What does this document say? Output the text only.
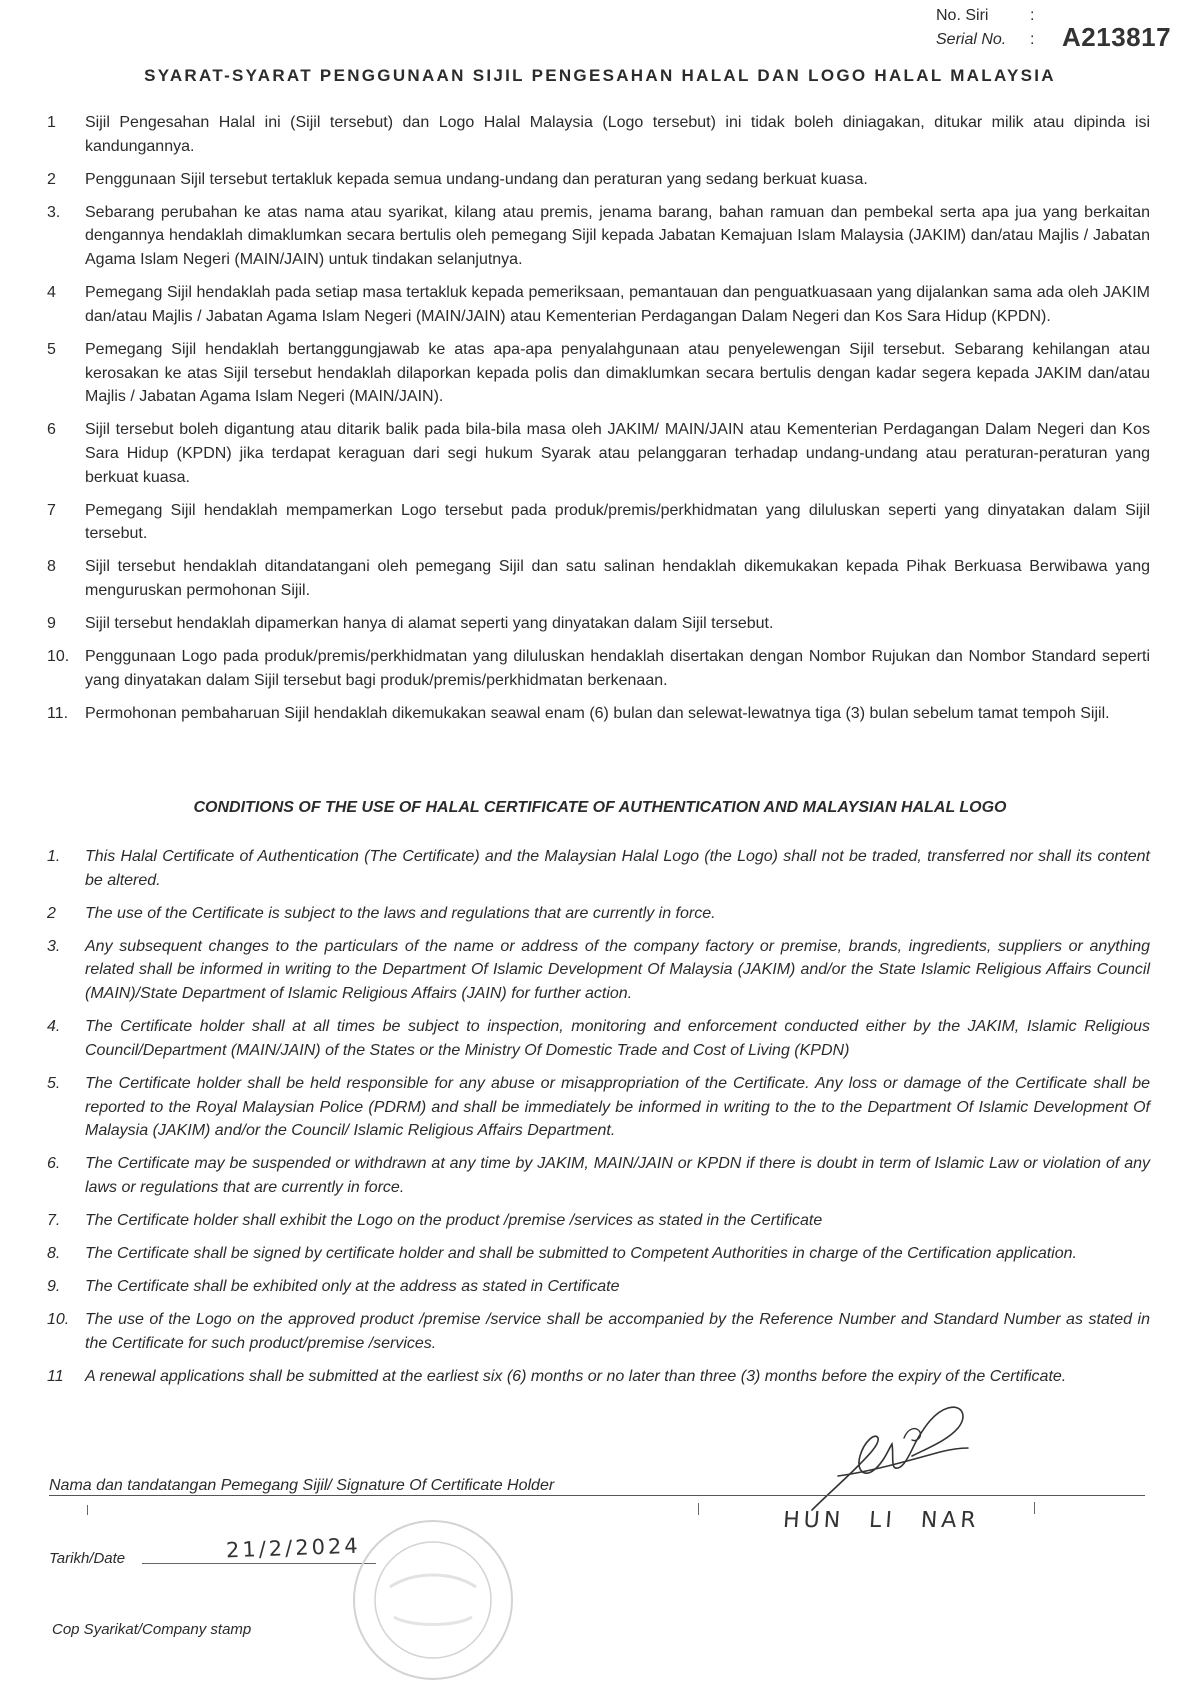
No. Siri	:
Serial No. : A213817
SYARAT-SYARAT PENGGUNAAN SIJIL PENGESAHAN HALAL DAN LOGO HALAL MALAYSIA
1 Sijil Pengesahan Halal ini (Sijil tersebut) dan Logo Halal Malaysia (Logo tersebut) ini tidak boleh diniagakan, ditukar milik atau dipinda isi kandungannya.
2 Penggunaan Sijil tersebut tertakluk kepada semua undang-undang dan peraturan yang sedang berkuat kuasa.
3. Sebarang perubahan ke atas nama atau syarikat, kilang atau premis, jenama barang, bahan ramuan dan pembekal serta apa jua yang berkaitan dengannya hendaklah dimaklumkan secara bertulis oleh pemegang Sijil kepada Jabatan Kemajuan Islam Malaysia (JAKIM) dan/atau Majlis / Jabatan Agama Islam Negeri (MAIN/JAIN) untuk tindakan selanjutnya.
4 Pemegang Sijil hendaklah pada setiap masa tertakluk kepada pemeriksaan, pemantauan dan penguatkuasaan yang dijalankan sama ada oleh JAKIM dan/atau Majlis / Jabatan Agama Islam Negeri (MAIN/JAIN) atau Kementerian Perdagangan Dalam Negeri dan Kos Sara Hidup (KPDN).
5 Pemegang Sijil hendaklah bertanggungjawab ke atas apa-apa penyalahgunaan atau penyelewengan Sijil tersebut. Sebarang kehilangan atau kerosakan ke atas Sijil tersebut hendaklah dilaporkan kepada polis dan dimaklumkan secara bertulis dengan kadar segera kepada JAKIM dan/atau Majlis / Jabatan Agama Islam Negeri (MAIN/JAIN).
6 Sijil tersebut boleh digantung atau ditarik balik pada bila-bila masa oleh JAKIM/ MAIN/JAIN atau Kementerian Perdagangan Dalam Negeri dan Kos Sara Hidup (KPDN) jika terdapat keraguan dari segi hukum Syarak atau pelanggaran terhadap undang-undang atau peraturan-peraturan yang berkuat kuasa.
7 Pemegang Sijil hendaklah mempamerkan Logo tersebut pada produk/premis/perkhidmatan yang diluluskan seperti yang dinyatakan dalam Sijil tersebut.
8 Sijil tersebut hendaklah ditandatangani oleh pemegang Sijil dan satu salinan hendaklah dikemukakan kepada Pihak Berkuasa Berwibawa yang menguruskan permohonan Sijil.
9 Sijil tersebut hendaklah dipamerkan hanya di alamat seperti yang dinyatakan dalam Sijil tersebut.
10. Penggunaan Logo pada produk/premis/perkhidmatan yang diluluskan hendaklah disertakan dengan Nombor Rujukan dan Nombor Standard seperti yang dinyatakan dalam Sijil tersebut bagi produk/premis/perkhidmatan berkenaan.
11. Permohonan pembaharuan Sijil hendaklah dikemukakan seawal enam (6) bulan dan selewat-lewatnya tiga (3) bulan sebelum tamat tempoh Sijil.
CONDITIONS OF THE USE OF HALAL CERTIFICATE OF AUTHENTICATION AND MALAYSIAN HALAL LOGO
1. This Halal Certificate of Authentication (The Certificate) and the Malaysian Halal Logo (the Logo) shall not be traded, transferred nor shall its content be altered.
2 The use of the Certificate is subject to the laws and regulations that are currently in force.
3. Any subsequent changes to the particulars of the name or address of the company factory or premise, brands, ingredients, suppliers or anything related shall be informed in writing to the Department Of Islamic Development Of Malaysia (JAKIM) and/or the State Islamic Religious Affairs Council (MAIN)/State Department of Islamic Religious Affairs (JAIN) for further action.
4. The Certificate holder shall at all times be subject to inspection, monitoring and enforcement conducted either by the JAKIM, Islamic Religious Council/Department (MAIN/JAIN) of the States or the Ministry Of Domestic Trade and Cost of Living (KPDN)
5. The Certificate holder shall be held responsible for any abuse or misappropriation of the Certificate. Any loss or damage of the Certificate shall be reported to the Royal Malaysian Police (PDRM) and shall be immediately be informed in writing to the to the Department Of Islamic Development Of Malaysia (JAKIM) and/or the Council/ Islamic Religious Affairs Department.
6. The Certificate may be suspended or withdrawn at any time by JAKIM, MAIN/JAIN or KPDN if there is doubt in term of Islamic Law or violation of any laws or regulations that are currently in force.
7. The Certificate holder shall exhibit the Logo on the product /premise /services as stated in the Certificate
8. The Certificate shall be signed by certificate holder and shall be submitted to Competent Authorities in charge of the Certification application.
9. The Certificate shall be exhibited only at the address as stated in Certificate
10. The use of the Logo on the approved product /premise /service shall be accompanied by the Reference Number and Standard Number as stated in the Certificate for such product/premise /services.
11 A renewal applications shall be submitted at the earliest six (6) months or no later than three (3) months before the expiry of the Certificate.
Nama dan tandatangan Pemegang Sijil/ Signature Of Certificate Holder
HUN LI NAR
Tarikh/Date	21/2/2024
Cop Syarikat/Company stamp
